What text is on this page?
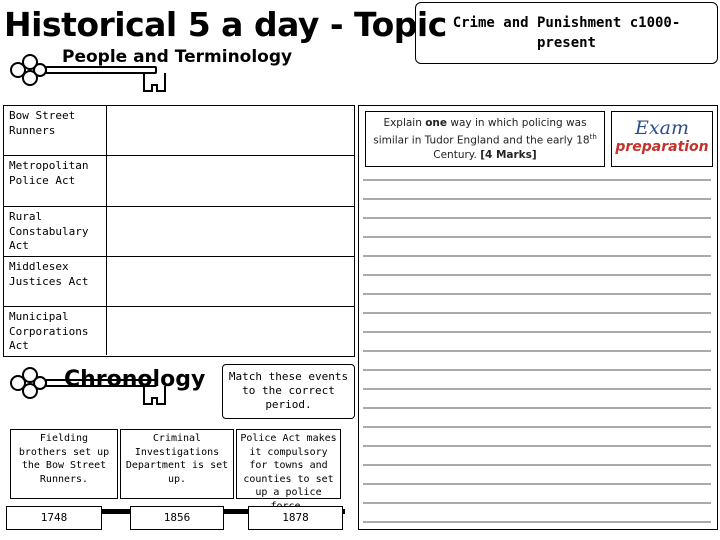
Historical 5 a day - Topic
People and Terminology
Crime and Punishment c1000-present
Bow Street Runners
Metropolitan Police Act
Rural Constabulary Act
Middlesex Justices Act
Municipal Corporations Act
Chronology	Match these events to the correct period.
Fielding brothers set up the Bow Street Runners.
Criminal Investigations Department is set up.
Police Act makes it compulsory for towns and counties to set up a police
1748	1856	1878
Explain one way in which policing was similar in Tudor England and the early 18th Century. [4 Marks]
Exam
preparation
